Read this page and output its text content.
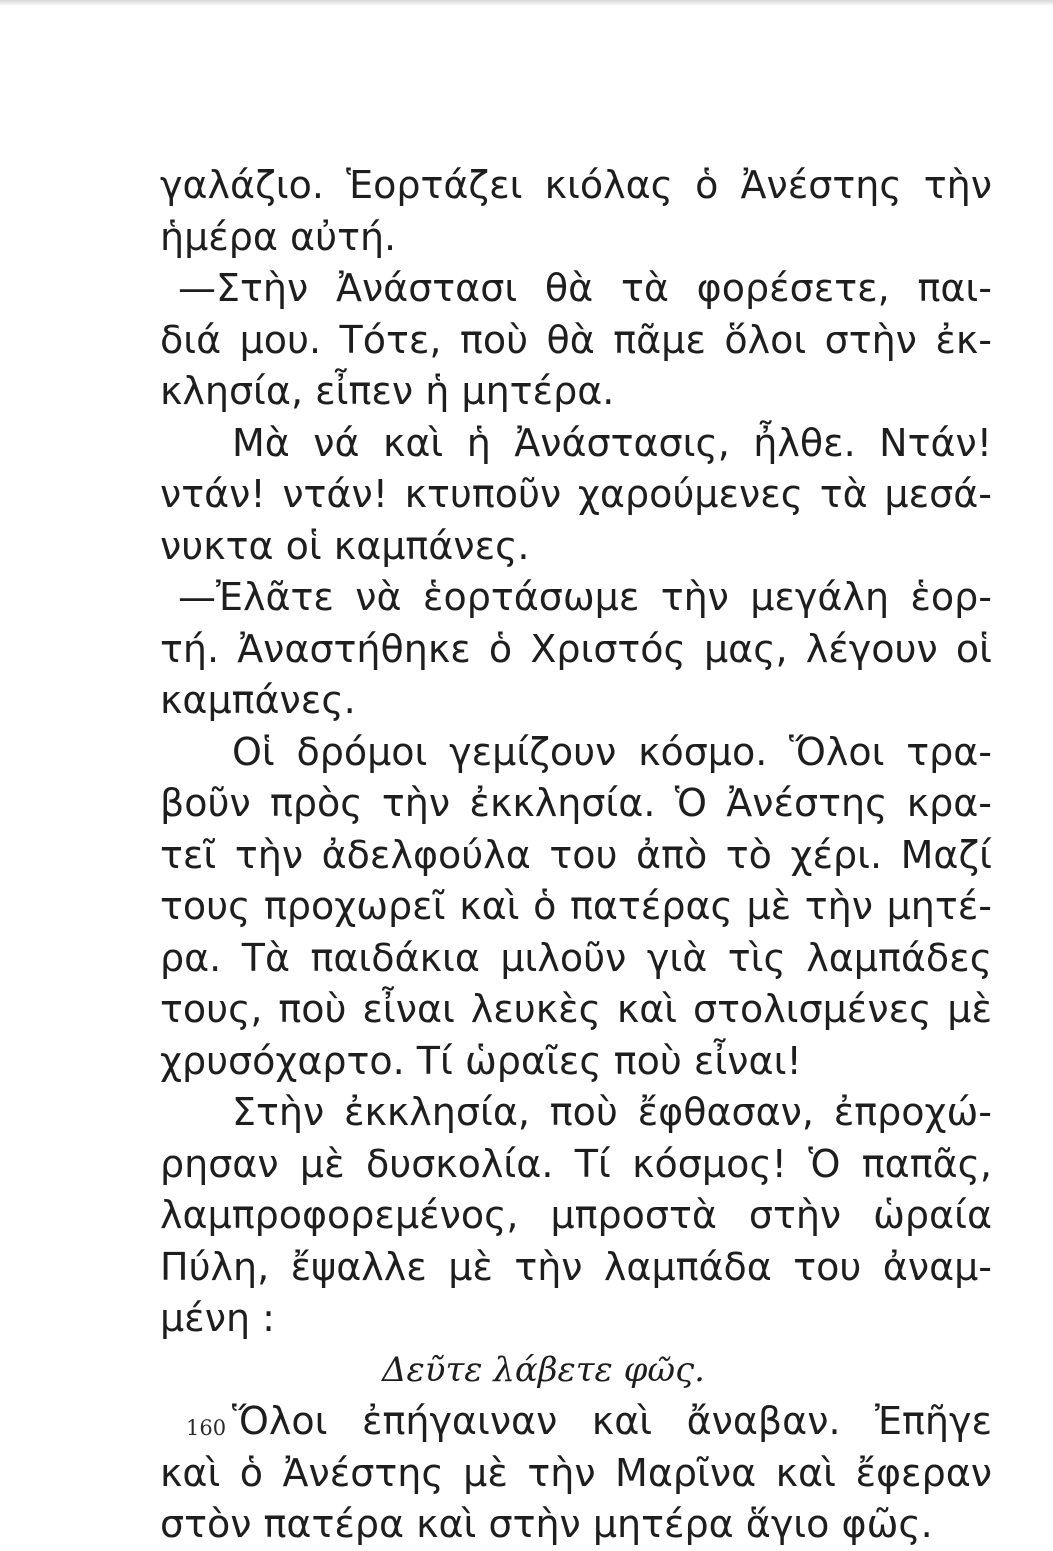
γαλάζιο. Ἑορτάζει κιόλας ὁ Ἀνέστης τὴν
ἡμέρα αὐτή.
—Στὴν Ἀνάστασι θὰ τὰ φορέσετε, παι-
διά μου. Τότε, ποὺ θὰ πᾶμε ὅλοι στὴν ἐκ-
κλησία, εἶπεν ἡ μητέρα.
Μὰ νά καὶ ἡ Ἀνάστασις, ἦλθε. Ντάν!
ντάν! ντάν! κτυποῦν χαρούμενες τὰ μεσά-
νυκτα οἱ καμπάνες.
—Ἐλᾶτε νὰ ἑορτάσωμε τὴν μεγάλη ἑορ-
τή. Ἀναστήθηκε ὁ Χριστός μας, λέγουν οἱ
καμπάνες.
Οἱ δρόμοι γεμίζουν κόσμο. Ὅλοι τρα-
βοῦν πρὸς τὴν ἐκκλησία. Ὁ Ἀνέστης κρα-
τεῖ τὴν ἀδελφούλα του ἀπὸ τὸ χέρι. Μαζί
τους προχωρεῖ καὶ ὁ πατέρας μὲ τὴν μητέ-
ρα. Τὰ παιδάκια μιλοῦν γιὰ τὶς λαμπάδες
τους, ποὺ εἶναι λευκὲς καὶ στολισμένες μὲ
χρυσόχαρτο. Τί ὡραῖες ποὺ εἶναι!
Στὴν ἐκκλησία, ποὺ ἔφθασαν, ἐπροχώ-
ρησαν μὲ δυσκολία. Τί κόσμος! Ὁ παπᾶς,
λαμπροφορεμένος, μπροστὰ στὴν ὡραία
Πύλη, ἔψαλλε μὲ τὴν λαμπάδα του ἀναμ-
μένη :
Δεῦτε λάβετε φῶς.
Ὅλοι ἐπήγαιναν καὶ ἄναβαν. Ἐπῆγε
καὶ ὁ Ἀνέστης μὲ τὴν Μαρῖνα καὶ ἔφεραν
στὸν πατέρα καὶ στὴν μητέρα ἅγιο φῶς.
160
